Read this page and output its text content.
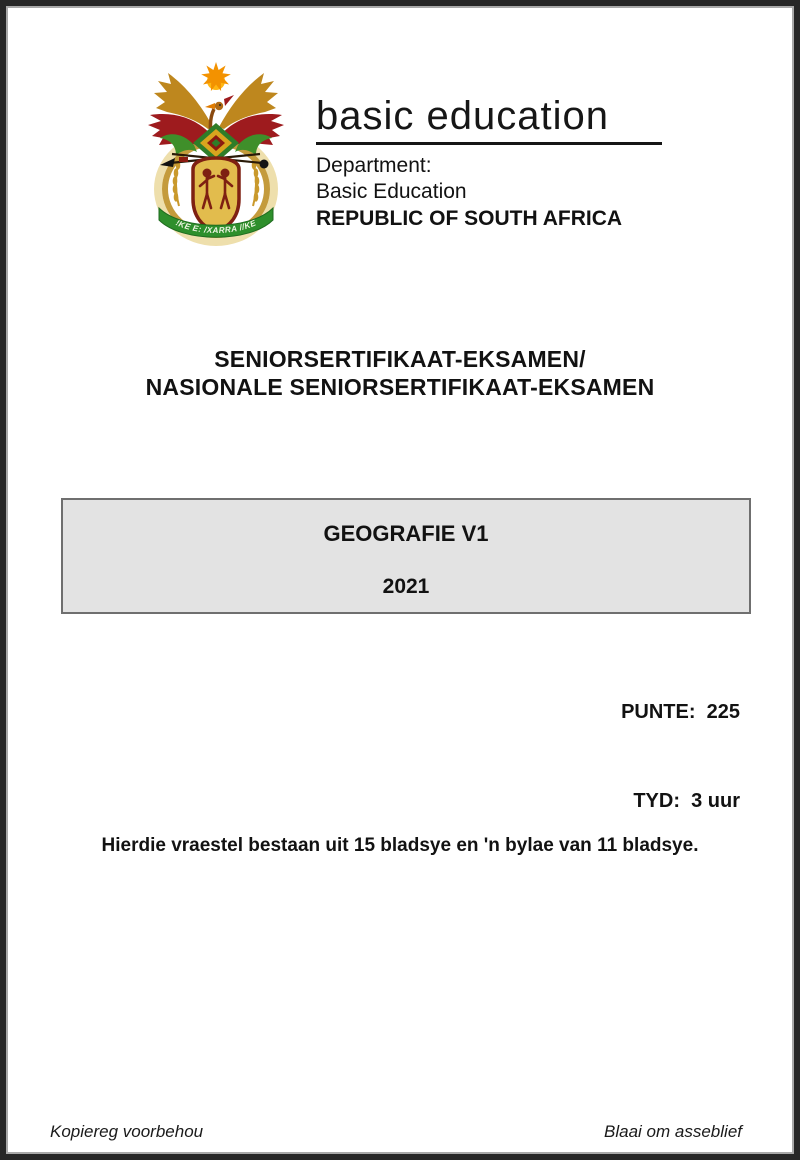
!KE E: /XARRA //KE
basic education
Department:
Basic Education
REPUBLIC OF SOUTH AFRICA
SENIORSERTIFIKAAT-EKSAMEN/
NASIONALE SENIORSERTIFIKAAT-EKSAMEN
GEOGRAFIE V1
2021

PUNTE:  225

TYD:  3 uur

Hierdie vraestel bestaan uit 15 bladsye en 'n bylae van 11 bladsye.

Kopiereg voorbehou	Blaai om asseblief
